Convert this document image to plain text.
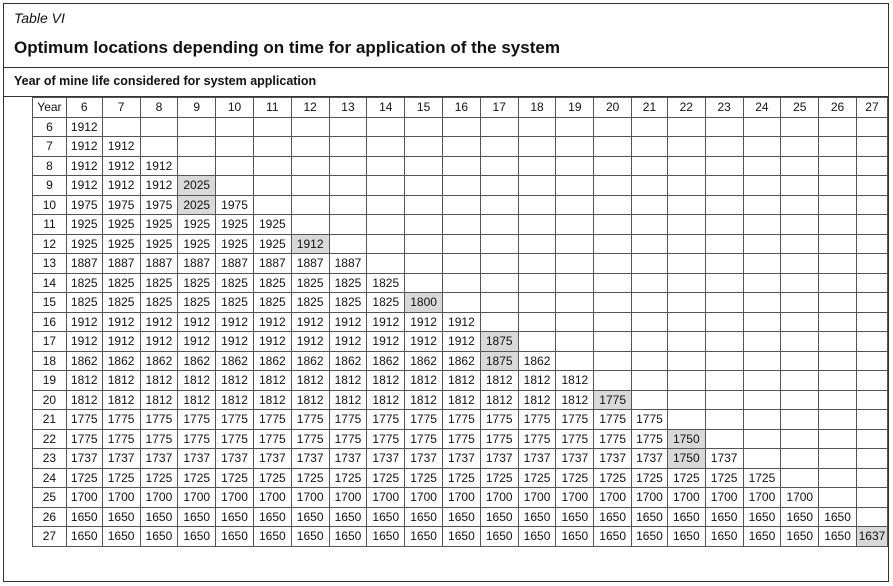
Table VI
Optimum locations depending on time for application of the system
Year of mine life considered for system application
Year	6	7	8	9	10	11	12	13	14	15	16	17	18	19	20	21	22	23	24	25	26	27
6	1912																					
7	1912	1912																				
8	1912	1912	1912																			
9	1912	1912	1912	2025																		
10	1975	1975	1975	2025	1975																	
11	1925	1925	1925	1925	1925	1925																
12	1925	1925	1925	1925	1925	1925	1912															
13	1887	1887	1887	1887	1887	1887	1887	1887														
14	1825	1825	1825	1825	1825	1825	1825	1825	1825													
15	1825	1825	1825	1825	1825	1825	1825	1825	1825	1800												
16	1912	1912	1912	1912	1912	1912	1912	1912	1912	1912	1912											
17	1912	1912	1912	1912	1912	1912	1912	1912	1912	1912	1912	1875										
18	1862	1862	1862	1862	1862	1862	1862	1862	1862	1862	1862	1875	1862									
19	1812	1812	1812	1812	1812	1812	1812	1812	1812	1812	1812	1812	1812	1812								
20	1812	1812	1812	1812	1812	1812	1812	1812	1812	1812	1812	1812	1812	1812	1775							
21	1775	1775	1775	1775	1775	1775	1775	1775	1775	1775	1775	1775	1775	1775	1775	1775						
22	1775	1775	1775	1775	1775	1775	1775	1775	1775	1775	1775	1775	1775	1775	1775	1775	1750					
23	1737	1737	1737	1737	1737	1737	1737	1737	1737	1737	1737	1737	1737	1737	1737	1737	1750	1737				
24	1725	1725	1725	1725	1725	1725	1725	1725	1725	1725	1725	1725	1725	1725	1725	1725	1725	1725	1725			
25	1700	1700	1700	1700	1700	1700	1700	1700	1700	1700	1700	1700	1700	1700	1700	1700	1700	1700	1700	1700		
26	1650	1650	1650	1650	1650	1650	1650	1650	1650	1650	1650	1650	1650	1650	1650	1650	1650	1650	1650	1650	1650	
27	1650	1650	1650	1650	1650	1650	1650	1650	1650	1650	1650	1650	1650	1650	1650	1650	1650	1650	1650	1650	1650	1637
